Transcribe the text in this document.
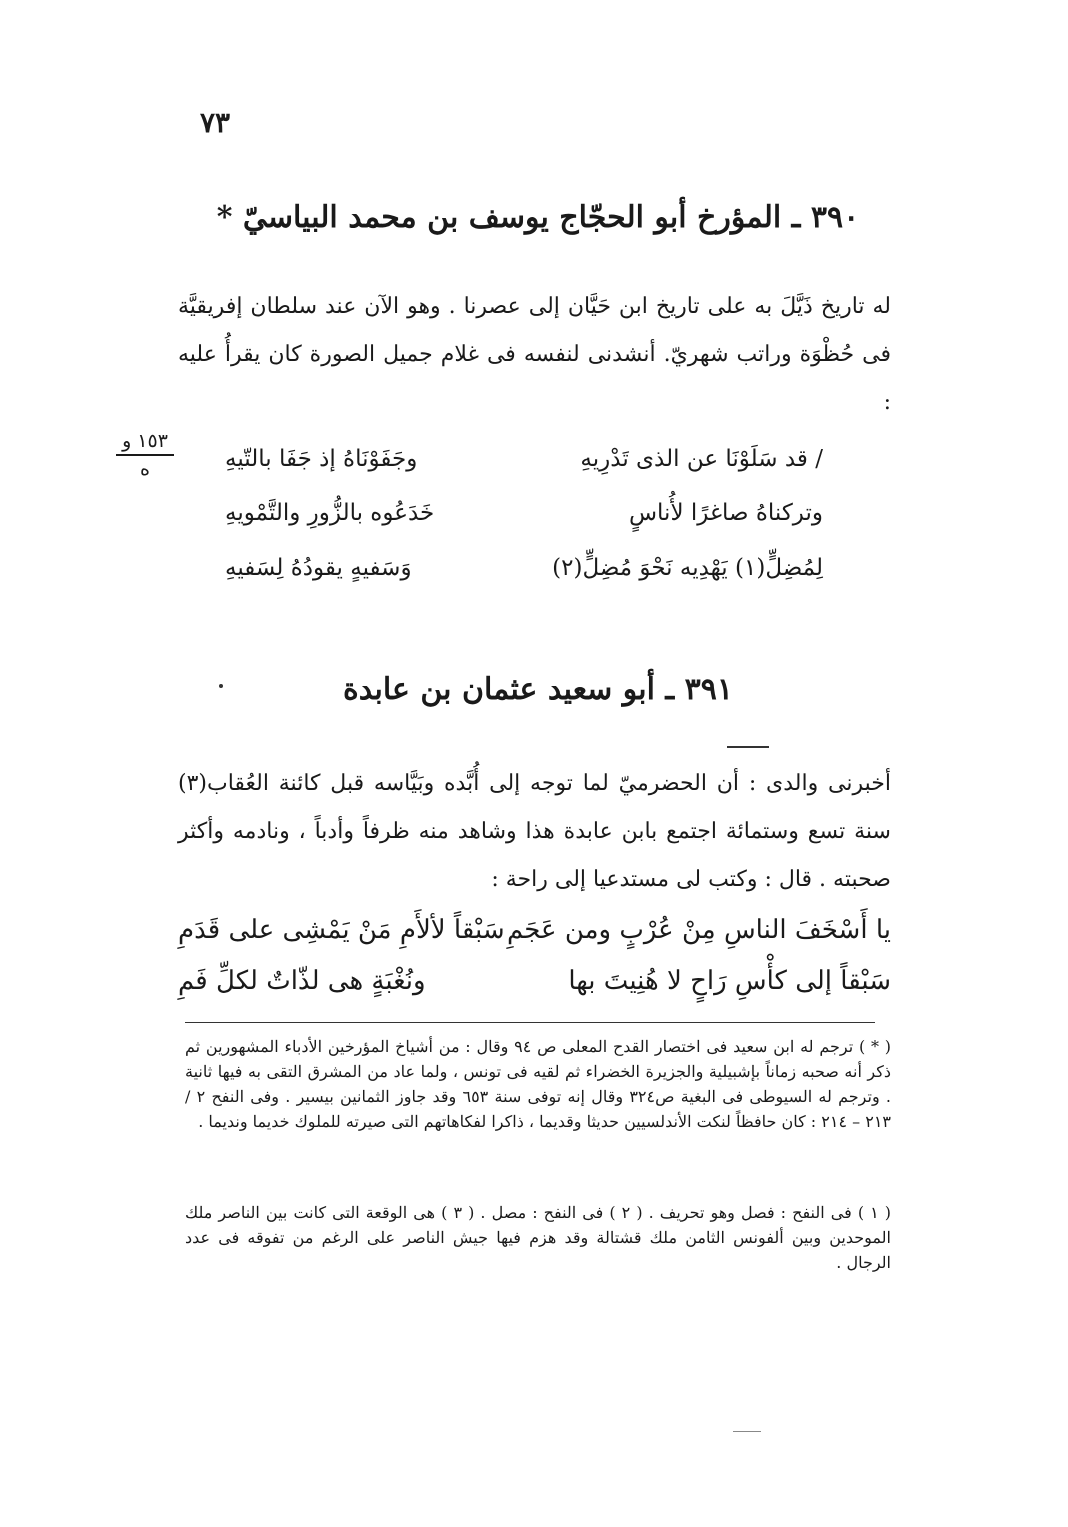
٧٣
٣٩٠ ـ المؤرخ أبو الحجّاج يوسف بن محمد البياسيّ *
له تاريخ ذَيَّلَ به على تاريخ ابن حَيَّان إلى عصرنا . وهو الآن عند سلطان إفريقيَّة فى حُظْوَة وراتب شهريّ. أنشدنى لنفسه فى غلام جميل الصورة كان يقرأُ عليه :
١٥٣ و
ه	/ قد سَلَوْنَا عن الذى تَدْرِيهِ
وجَفَوْنَاهُ إذ جَفَا بالتّيهِ
وتركناهُ صاغرًا لأُناسٍ
خَدَعُوه بالزُّورِ والتَّمْويهِ
لِمُضِلٍّ(١) يَهْدِيه نَحْوَ مُضِلٍّ(٢)
وَسَفيهٍ يقودُهُ لِسَفيهِ
٣٩١ ـ أبو سعيد عثمان بن عابدة
أخبرنى والدى : أن الحضرميّ لما توجه إلى أُبَّده وبَيَّاسه قبل كائنة العُقاب(٣) سنة تسع وستمائة اجتمع بابن عابدة هذا وشاهد منه ظرفاً وأدباً ، ونادمه وأكثر صحبته . قال : وكتب لى مستدعيا إلى راحة :
يا أَسْخَفَ الناسِ مِنْ عُرْبٍ ومن عَجَمِ
سَبْقاً لألأَمِ مَنْ يَمْشِى على قَدَمِ
سَبْقاً إلى كأْسِ رَاحٍ لا هُنِيتَ بها
ونُغْبَةٍ هى لذّاتٌ لكلِّ فَمِ
( * ) ترجم له ابن سعيد فى اختصار القدح المعلى ص ٩٤ وقال : من أشياخ المؤرخين الأدباء المشهورين ثم ذكر أنه صحبه زماناً بإشبيلية والجزيرة الخضراء ثم لقيه فى تونس ، ولما عاد من المشرق التقى به فيها ثانية . وترجم له السيوطى فى البغية ص٣٢٤ وقال إنه توفى سنة ٦٥٣ وقد جاوز الثمانين بيسير . وفى النفح ٢ /٢١٣ – ٢١٤ : كان حافظاً لنكت الأندلسيين حديثا وقديما ، ذاكرا لفكاهاتهم التى صيرته للملوك خديما ونديما .
( ١ ) فى النفح : فصل وهو تحريف . ( ٢ ) فى النفح : مصل . ( ٣ ) هى الوقعة التى كانت بين الناصر ملك الموحدين وبين ألفونس الثامن ملك قشتالة وقد هزم فيها جيش الناصر على الرغم من تفوقه فى عدد الرجال .
